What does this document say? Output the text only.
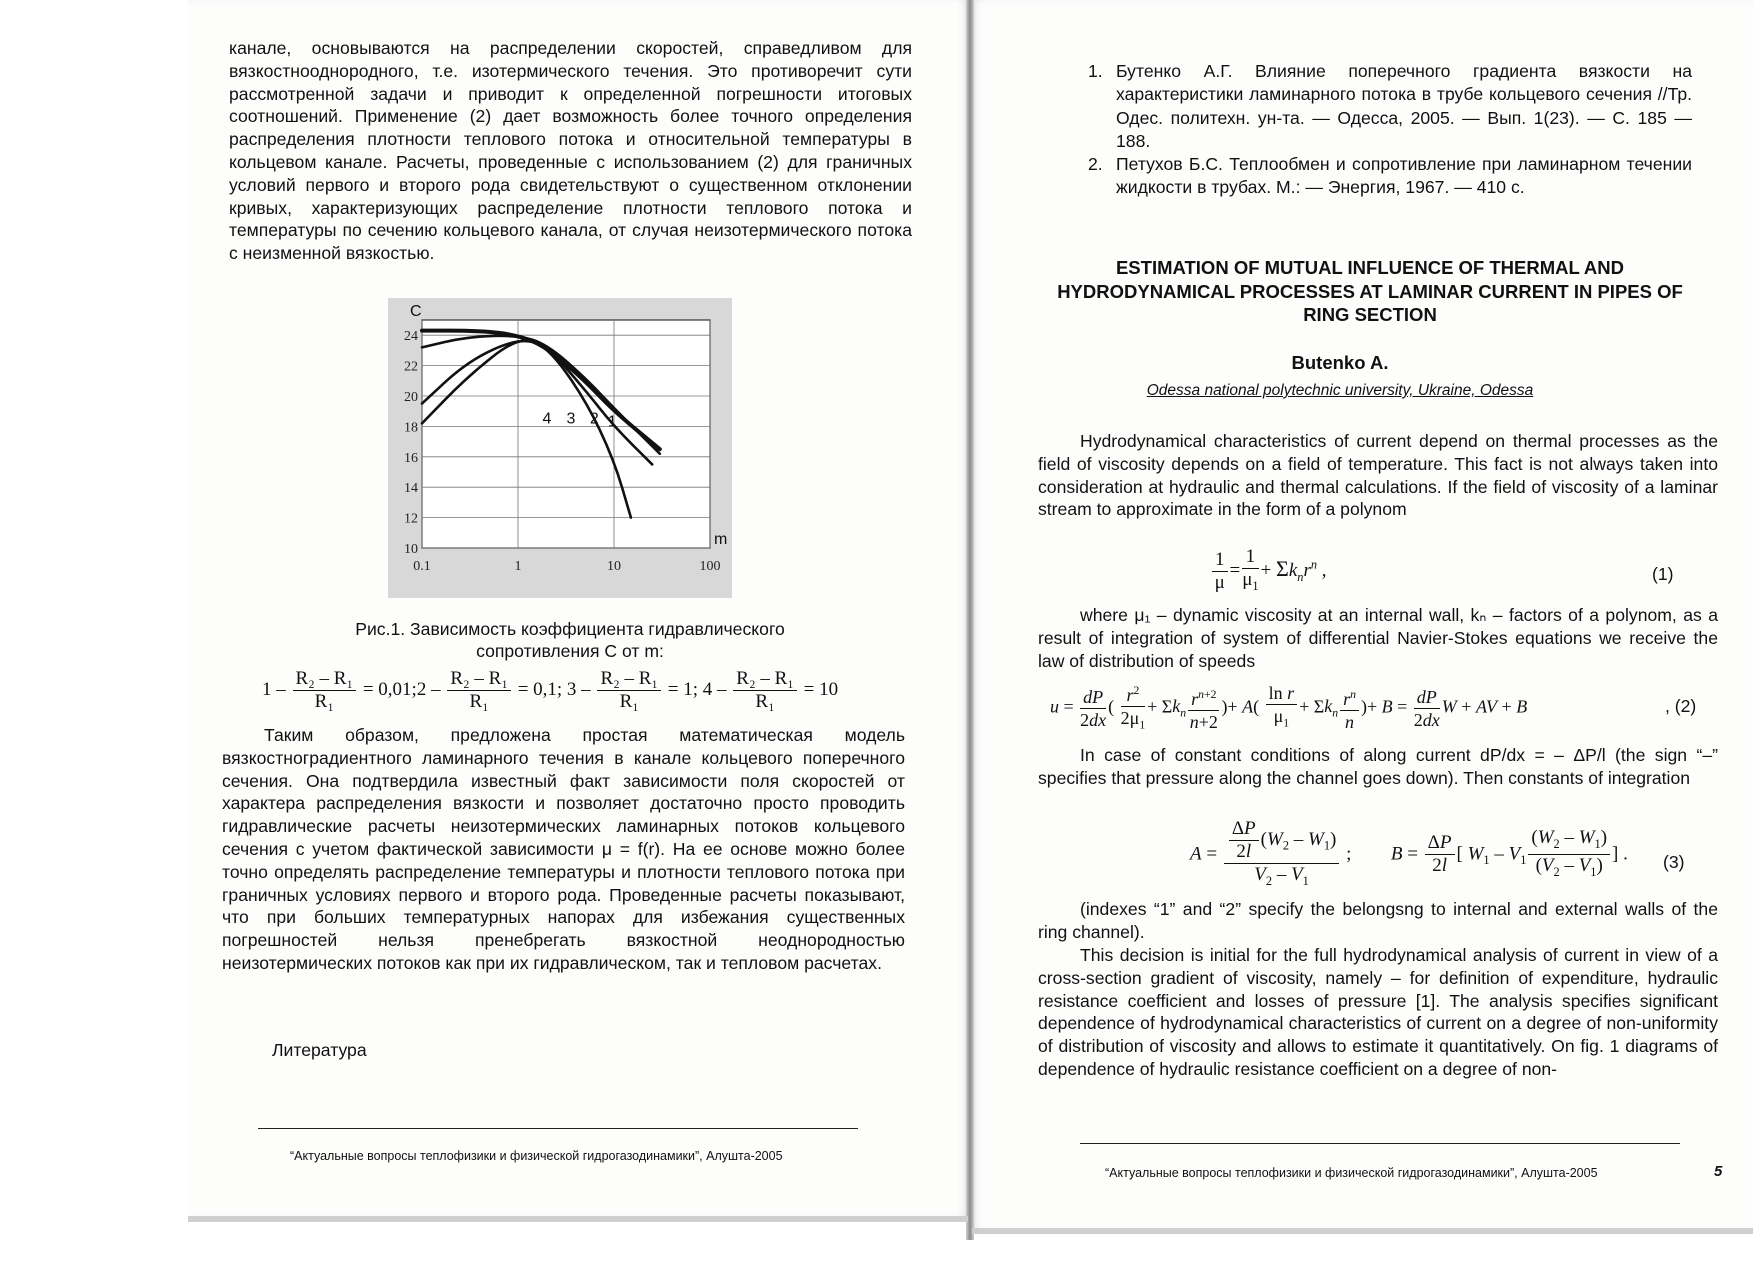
канале, основываются на распределении скоростей, справедливом для вязкостнооднородного, т.е. изотермического течения. Это противоречит сути рассмотренной задачи и приводит к определенной погрешности итоговых соотношений. Применение (2) дает возможность более точного определения распределения плотности теплового потока и относительной температуры в кольцевом канале. Расчеты, проведенные с использованием (2) для граничных условий первого и второго рода свидетельствуют о существенном отклонении кривых, характеризующих распределение плотности теплового потока и температуры по сечению кольцевого канала, от случая неизотермического потока с неизменной вязкостью.

10
12
14
16
18
20
22
24
0.1	1	10	100
m
C
1
2
3
4
Рис.1. Зависимость коэффициента гидравлического
сопротивления С от m:
$1 - \frac{\text{R₂ – R₁}}{\text{R₁}}$ = 0,01;2 – $\frac{\text{R₂ – R₁}}{\text{R₁}} = 0,1$; $3 - \frac{\text{R₂ – R₁}}{\text{R₁}} = 1$; $4 - \frac{\text{R₂ – R₁}}{\text{R₁}} = 10$

Таким образом, предложена простая математическая модель вязкостноградиентного ламинарного течения в канале кольцевого поперечного сечения. Она подтвердила известный факт зависимости поля скоростей от характера распределения вязкости и позволяет достаточно просто проводить гидравлические расчеты неизотермических ламинарных потоков кольцевого сечения с учетом фактической зависимости μ = f(r). На ее основе можно более точно определять распределение температуры и плотности теплового потока при граничных условиях первого и второго рода. Проведенные расчеты показывают, что при больших температурных напорах для избежания существенных погрешностей нельзя пренебрегать вязкостной неоднородностью неизотермических потоков как при их гидравлическом, так и тепловом расчетах.

Литература
“Актуальные вопросы теплофизики и физической гидрогазодинамики”, Алушта-2005
1. Бутенко А.Г. Влияние поперечного градиента вязкости на характеристики ламинарного потока в трубе кольцевого сечения //Тр. Одес. политехн. ун-та. — Одесса, 2005. — Вып. 1(23). — С. 185 — 188.
2. Петухов Б.С. Теплообмен и сопротивление при ламинарном течении жидкости в трубах. М.: — Энергия, 1967. — 410 с.
ESTIMATION OF MUTUAL INFLUENCE OF THERMAL AND HYDRODYNAMICAL PROCESSES AT LAMINAR CURRENT IN PIPES OF RING SECTION
Butenko A.
Odessa national polytechnic university, Ukraine, Odessa

Hydrodynamical characteristics of current depend on thermal processes as the field of viscosity depends on a field of temperature. This fact is not always taken into consideration at hydraulic and thermal calculations. If the field of viscosity of a laminar stream to approximate in the form of a polynom

$\frac{1}{\mu} = \frac{1}{\mu_1} + \Sigma k_nr^n$ ,	(1)

where μ₁ – dynamic viscosity at an internal wall, kₙ – factors of a polynom, as a result of integration of system of differential Navier-Stokes equations we receive the law of distribution of speeds

$u = \frac{dP}{2dx}$ ( $\frac{r^2}{2\mu_1} + \Sigma k_n \frac{r^{n+2}}{n+2}$ )+ $A( \frac{\text{ln r}}{\mu_1} + \Sigma k_n \frac{r^n}{n}$ )+ $B = \frac{dP}{2dx}$ W + AV + B	, (2)

In case of constant conditions of along current dP/dx = – ΔP/l (the sign “–” specifies that pressure along the channel goes down). Then constants of integration

$A = \frac{\frac{\Delta P}{2l} (W_2 - W_1)}{V_2 - V_1}$ ;  $B = \frac{\Delta P}{2l}$ [ $W_1 - V_1 \frac{(W_2 - W_1)}{(V_2 - V_1)}$ ] . (3)

(indexes “1” and “2” specify the belongsng to internal and external walls of the ring channel).

This decision is initial for the full hydrodynamical analysis of current in view of a cross-section gradient of viscosity, namely – for definition of expenditure, hydraulic resistance coefficient and losses of pressure [1]. The analysis specifies significant dependence of hydrodynamical characteristics of current on a degree of non-uniformity of distribution of viscosity and allows to estimate it quantitatively. On fig. 1 diagrams of dependence of hydraulic resistance coefficient on a degree of non-

“Актуальные вопросы теплофизики и физической гидрогазодинамики”, Алушта-2005	5
